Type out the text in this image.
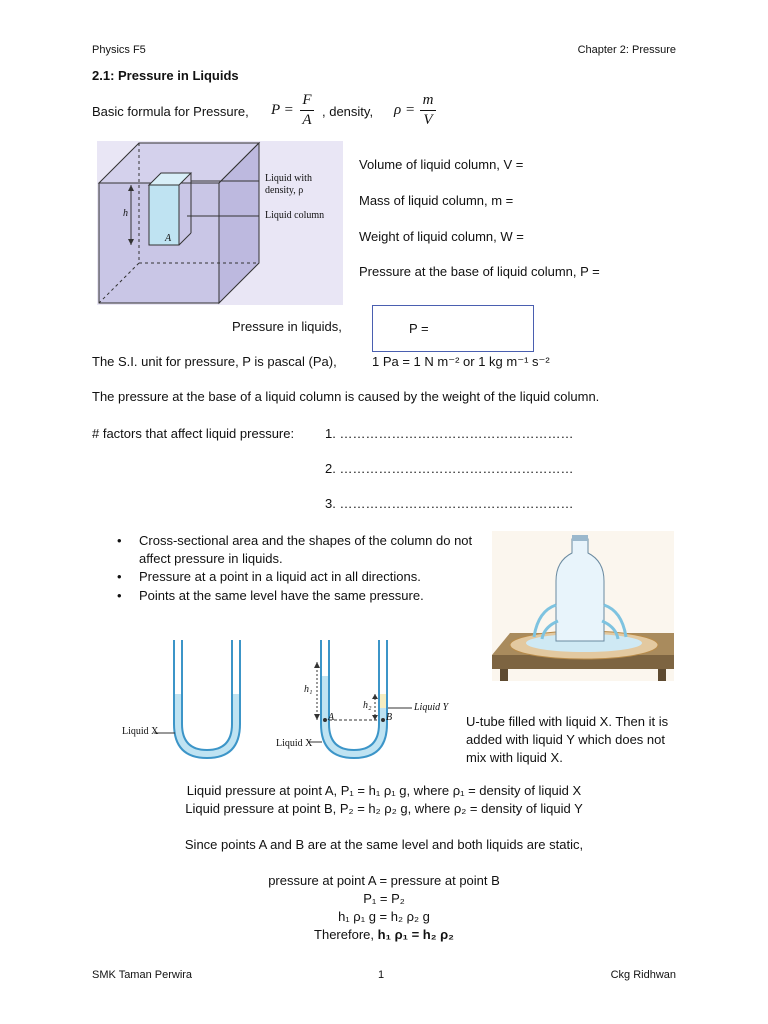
Physics F5	Chapter 2: Pressure
2.1: Pressure in Liquids
Basic formula for Pressure, P =
F
A
, density, ρ =
m
V
Liquid with
density, ρ
Liquid column
h
A
Volume of liquid column, V =
Mass of liquid column, m =
Weight of liquid column, W =
Pressure at the base of liquid column, P =
Pressure in liquids,	P =
The S.I. unit for pressure, P is pascal (Pa),	1 Pa = 1 N m⁻² or 1 kg m⁻¹ s⁻²
The pressure at the base of a liquid column is caused by the weight of the liquid column.
# factors that affect liquid pressure: 1. ………………………………………………
2. ………………………………………………
3. ………………………………………………
• Cross-sectional area and the shapes of the column do not affect pressure in liquids.
• Pressure at a point in a liquid act in all directions.
• Points at the same level have the same pressure.
Liquid X
Liquid X
Liquid Y
h₁
h₂
A	B	U-tube filled with liquid X. Then it is added with liquid Y which does not mix with liquid X.
Liquid pressure at point A, P₁ = h₁ ρ₁ g, where ρ₁ = density of liquid X
Liquid pressure at point B, P₂ = h₂ ρ₂ g, where ρ₂ = density of liquid Y
Since points A and B are at the same level and both liquids are static,
pressure at point A = pressure at point B
P₁ = P₂
h₁ ρ₁ g = h₂ ρ₂ g
Therefore, h₁ ρ₁ = h₂ ρ₂
SMK Taman Perwira	1	Ckg Ridhwan
